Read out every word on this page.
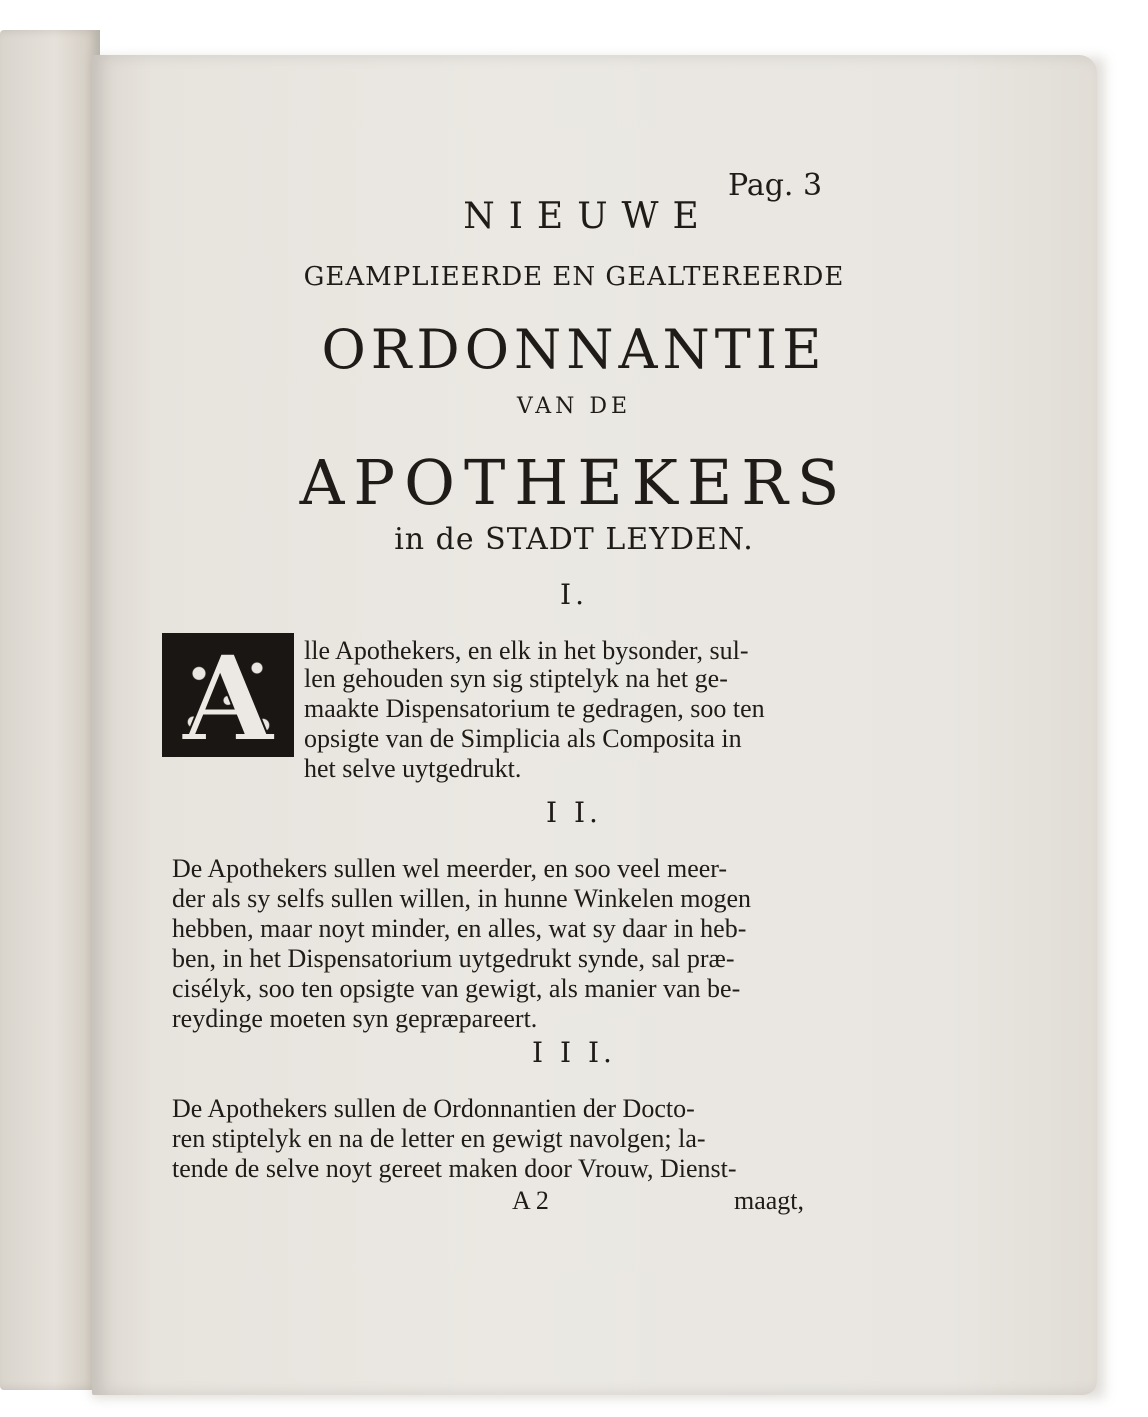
Pag. 3
NIEUWE
GEAMPLIEERDE EN GEALTEREERDE
ORDONNANTIE
VAN DE
APOTHEKERS
in de STADT LEYDEN.
I.
A	lle Apothekers, en elk in het bysonder, sul-
len gehouden syn sig stiptelyk na het ge-
maakte Dispensatorium te gedragen, soo ten
opsigte van de Simplicia als Composita in
het selve uytgedrukt.
I I.
De Apothekers sullen wel meerder, en soo veel meer-
der als sy selfs sullen willen, in hunne Winkelen mogen
hebben, maar noyt minder, en alles, wat sy daar in heb-
ben, in het Dispensatorium uytgedrukt synde, sal præ-
cisélyk, soo ten opsigte van gewigt, als manier van be-
reydinge moeten syn gepræpareert.
I I I.
De Apothekers sullen de Ordonnantien der Docto-
ren stiptelyk en na de letter en gewigt navolgen; la-
tende de selve noyt gereet maken door Vrouw, Dienst-
A 2	maagt,
